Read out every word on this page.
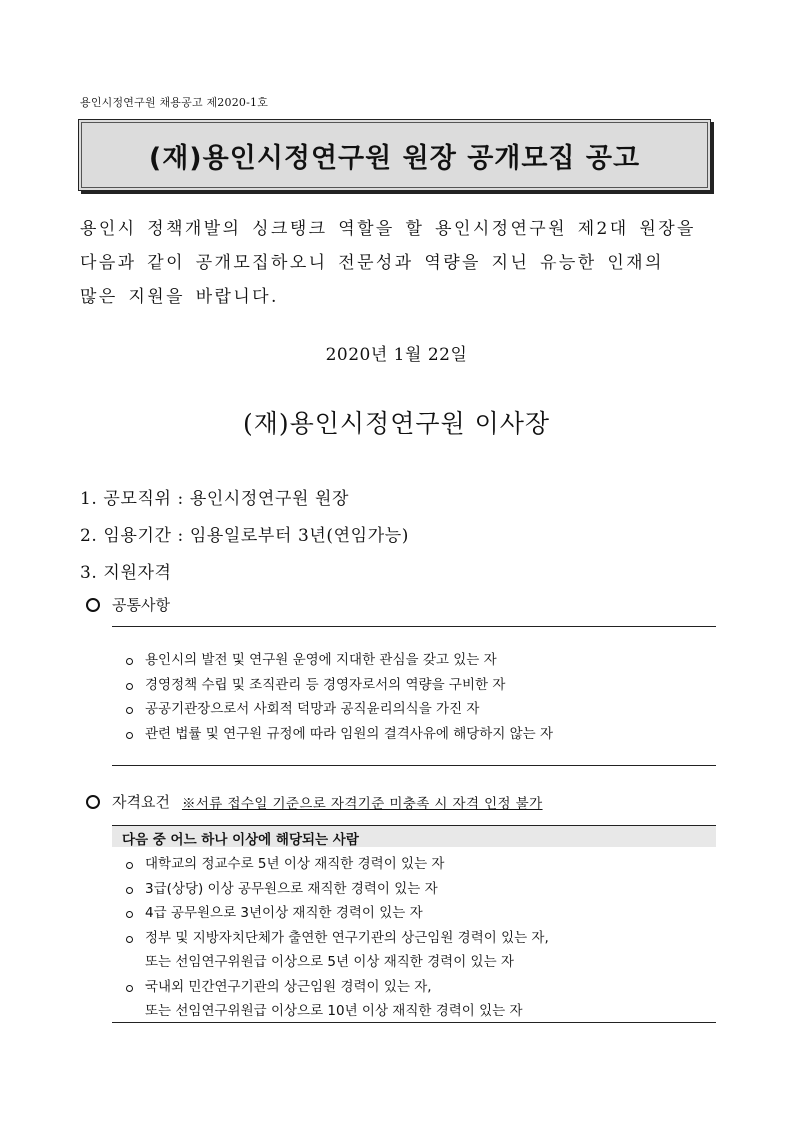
용인시정연구원 채용공고 제2020-1호
(재)용인시정연구원 원장 공개모집 공고

용인시 정책개발의 싱크탱크 역할을 할 용인시정연구원 제2대 원장을

다음과 같이 공개모집하오니 전문성과 역량을 지닌 유능한 인재의

많은 지원을 바랍니다.

2020년 1월 22일
(재)용인시정연구원 이사장
1. 공모직위 : 용인시정연구원 원장
2. 임용기간 : 임용일로부터 3년(연임가능)
3. 지원자격
공통사항
용인시의 발전 및 연구원 운영에 지대한 관심을 갖고 있는 자
경영정책 수립 및 조직관리 등 경영자로서의 역량을 구비한 자
공공기관장으로서 사회적 덕망과 공직윤리의식을 가진 자
관련 법률 및 연구원 규정에 따라 임원의 결격사유에 해당하지 않는 자
자격요건 ※서류 접수일 기준으로 자격기준 미충족 시 자격 인정 불가
다음 중 어느 하나 이상에 해당되는 사람
대학교의 정교수로 5년 이상 재직한 경력이 있는 자
3급(상당) 이상 공무원으로 재직한 경력이 있는 자
4급 공무원으로 3년이상 재직한 경력이 있는 자
정부 및 지방자치단체가 출연한 연구기관의 상근임원 경력이 있는 자,
또는 선임연구위원급 이상으로 5년 이상 재직한 경력이 있는 자
국내외 민간연구기관의 상근임원 경력이 있는 자,
또는 선임연구위원급 이상으로 10년 이상 재직한 경력이 있는 자
